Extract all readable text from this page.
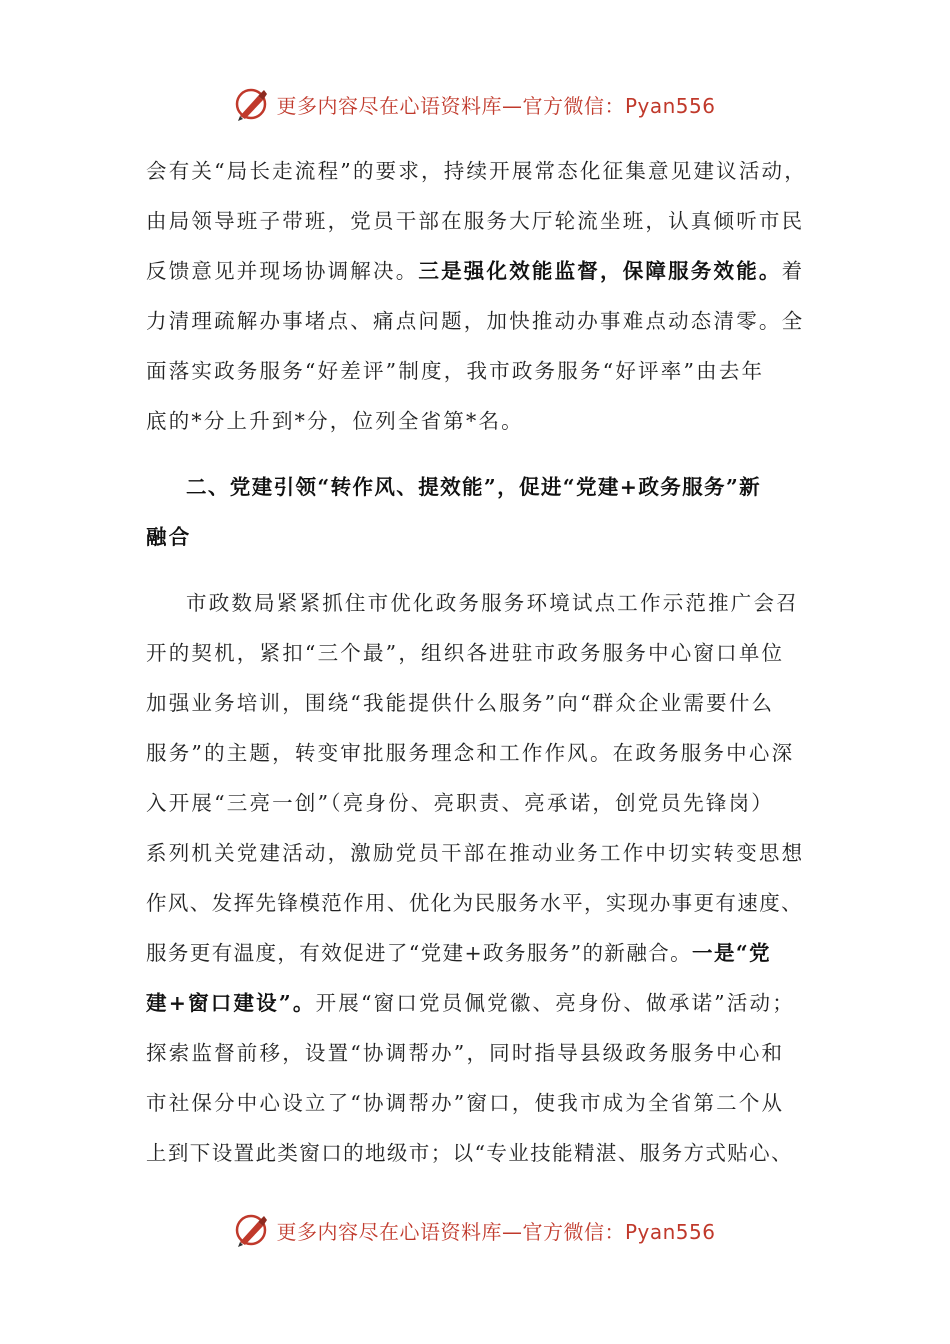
更多内容尽在心语资料库—官方微信：Pyan556
会有关“局长走流程”的要求，持续开展常态化征集意见建议活动，
由局领导班子带班，党员干部在服务大厅轮流坐班，认真倾听市民
反馈意见并现场协调解决。三是强化效能监督，保障服务效能。着
力清理疏解办事堵点、痛点问题，加快推动办事难点动态清零。全
面落实政务服务“好差评”制度，我市政务服务“好评率”由去年
底的*分上升到*分，位列全省第*名。
二、党建引领“转作风、提效能”，促进“党建+政务服务”新
融合
市政数局紧紧抓住市优化政务服务环境试点工作示范推广会召
开的契机，紧扣“三个最”，组织各进驻市政务服务中心窗口单位
加强业务培训，围绕“我能提供什么服务”向“群众企业需要什么
服务”的主题，转变审批服务理念和工作作风。在政务服务中心深
入开展“三亮一创”（亮身份、亮职责、亮承诺，创党员先锋岗）
系列机关党建活动，激励党员干部在推动业务工作中切实转变思想
作风、发挥先锋模范作用、优化为民服务水平，实现办事更有速度、
服务更有温度，有效促进了“党建+政务服务”的新融合。一是“党
建+窗口建设”。开展“窗口党员佩党徽、亮身份、做承诺”活动；
探索监督前移，设置“协调帮办”，同时指导县级政务服务中心和
市社保分中心设立了“协调帮办”窗口，使我市成为全省第二个从
上到下设置此类窗口的地级市；以“专业技能精湛、服务方式贴心、
更多内容尽在心语资料库—官方微信：Pyan556
